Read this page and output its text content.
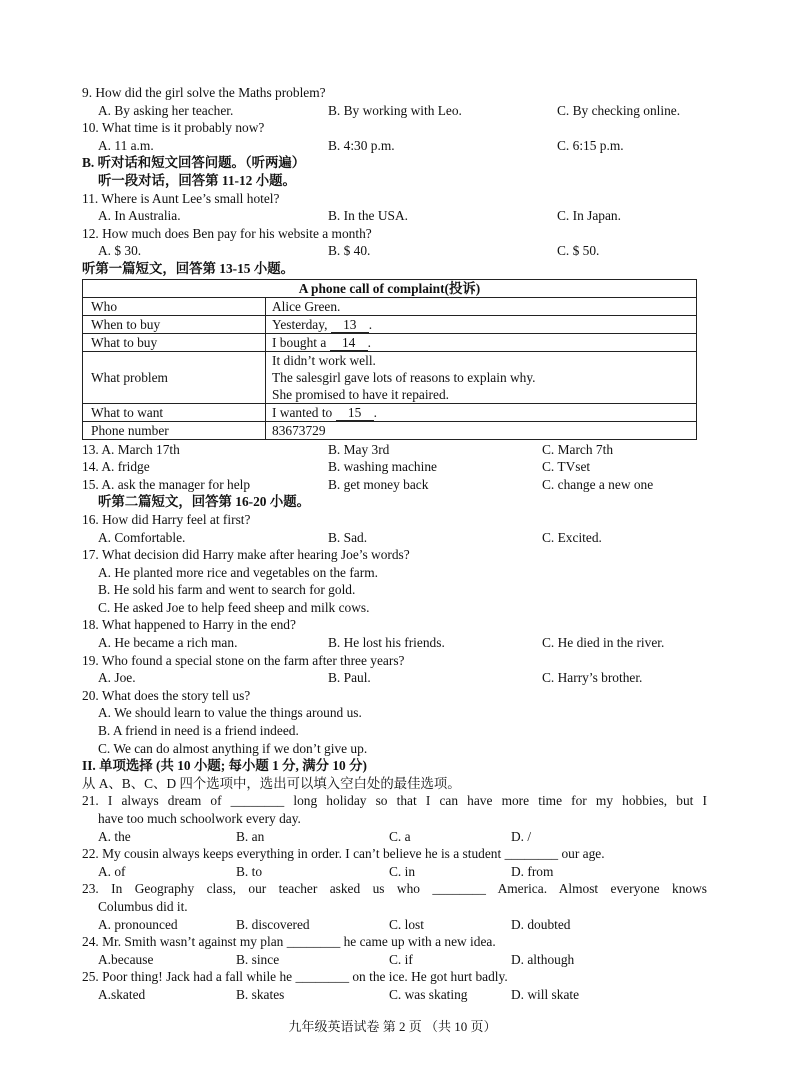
9. How did the girl solve the Maths problem?
A. By asking her teacher.	B. By working with Leo.	C. By checking online.
10. What time is it probably now?
A. 11 a.m.	B. 4:30 p.m.	C. 6:15 p.m.
B. 听对话和短文回答问题。（听两遍）
听一段对话，回答第 11-12 小题。
11. Where is Aunt Lee’s small hotel?
A. In Australia.	B. In the USA.	C. In Japan.
12. How much does Ben pay for his website a month?
A. $ 30.	B. $ 40.	C. $ 50.
听第一篇短文，回答第 13-15 小题。
A phone call of complaint(投诉)	
Who	Alice Green.
When to buy	Yesterday, 13 .
What to buy	I bought a 14 .
What problem	It didn’t work well.
The salesgirl gave lots of reasons to explain why.
She promised to have it repaired.

What to want	I wanted to 15 .
Phone number	83673729
13. A. March 17th	B. May 3rd	C. March 7th
14. A. fridge	B. washing machine	C. TVset
15. A. ask the manager for help	B. get money back	C. change a new one
听第二篇短文，回答第 16-20 小题。
16. How did Harry feel at first?
A. Comfortable.	B. Sad.	C. Excited.
17. What decision did Harry make after hearing Joe’s words?
A. He planted more rice and vegetables on the farm.
B. He sold his farm and went to search for gold.
C. He asked Joe to help feed sheep and milk cows.
18. What happened to Harry in the end?
A. He became a rich man.	B. He lost his friends.	C. He died in the river.
19. Who found a special stone on the farm after three years?
A. Joe.	B. Paul.	C. Harry’s brother.
20. What does the story tell us?
A. We should learn to value the things around us.
B. A friend in need is a friend indeed.
C. We can do almost anything if we don’t give up.
II. 单项选择 (共 10 小题; 每小题 1 分, 满分 10 分)
从 A、B、C、D 四个选项中，选出可以填入空白处的最佳选项。
21. I always dream of ________ long holiday so that I can have more time for my hobbies, but I
have too much schoolwork every day.
A. the	B. an	C. a	D. /
22. My cousin always keeps everything in order. I can’t believe he is a student ________ our age.
A. of	B. to	C. in	D. from
23. In Geography class, our teacher asked us who ________ America. Almost everyone knows
Columbus did it.
A. pronounced	B. discovered	C. lost	D. doubted
24. Mr. Smith wasn’t against my plan ________ he came up with a new idea.
A.because	B. since	C. if	D. although
25. Poor thing! Jack had a fall while he ________ on the ice. He got hurt badly.
A.skated	B. skates	C. was skating	D. will skate
九年级英语试卷 第 2 页 （共 10 页）
